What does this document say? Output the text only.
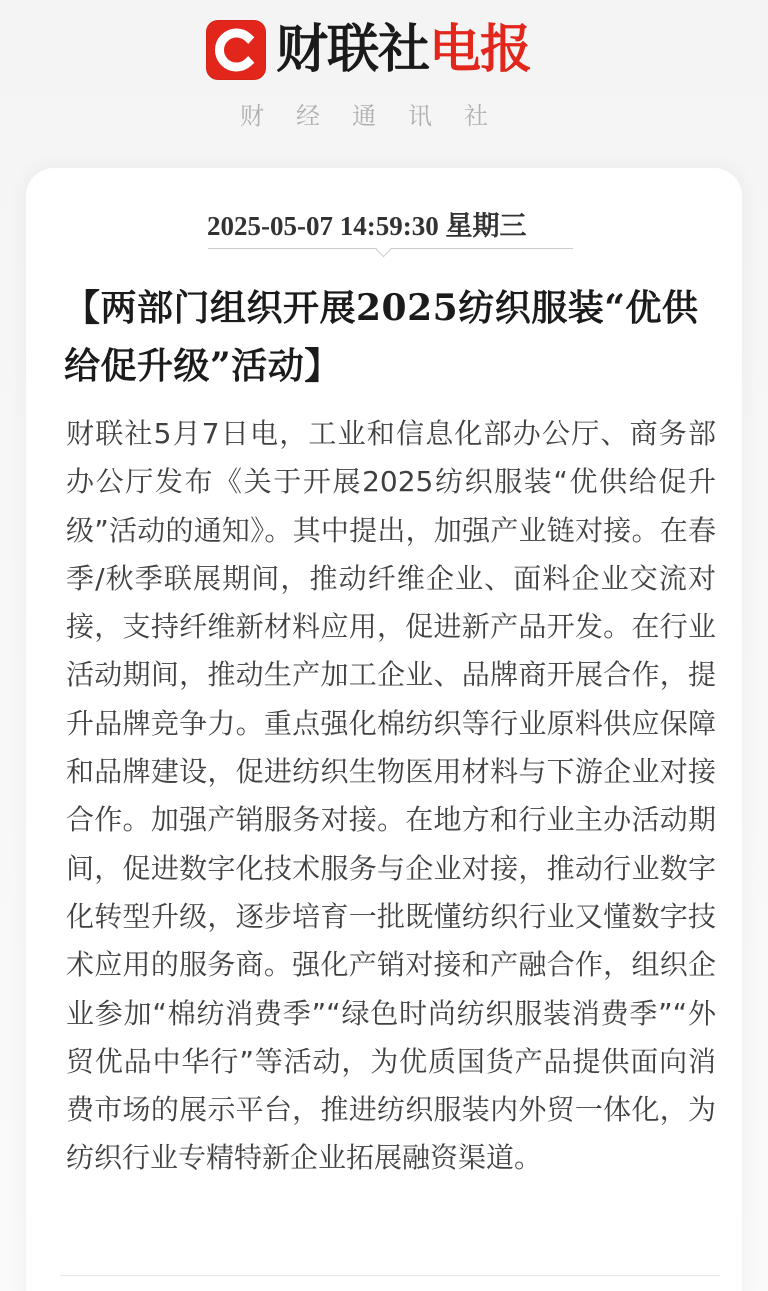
财联社电报
财经通讯社
2025-05-07 14:59:30 星期三
【两部门组织开展2025纺织服装“优供给促升级”活动】
财联社5月7日电，工业和信息化部办公厅、商务部办公厅发布《关于开展2025纺织服装“优供给促升级”活动的通知》。其中提出，加强产业链对接。在春季/秋季联展期间，推动纤维企业、面料企业交流对接，支持纤维新材料应用，促进新产品开发。在行业活动期间，推动生产加工企业、品牌商开展合作，提升品牌竞争力。重点强化棉纺织等行业原料供应保障和品牌建设，促进纺织生物医用材料与下游企业对接合作。加强产销服务对接。在地方和行业主办活动期间，促进数字化技术服务与企业对接，推动行业数字化转型升级，逐步培育一批既懂纺织行业又懂数字技术应用的服务商。强化产销对接和产融合作，组织企业参加“棉纺消费季”“绿色时尚纺织服装消费季”“外贸优品中华行”等活动，为优质国货产品提供面向消费市场的展示平台，推进纺织服装内外贸一体化，为纺织行业专精特新企业拓展融资渠道。
